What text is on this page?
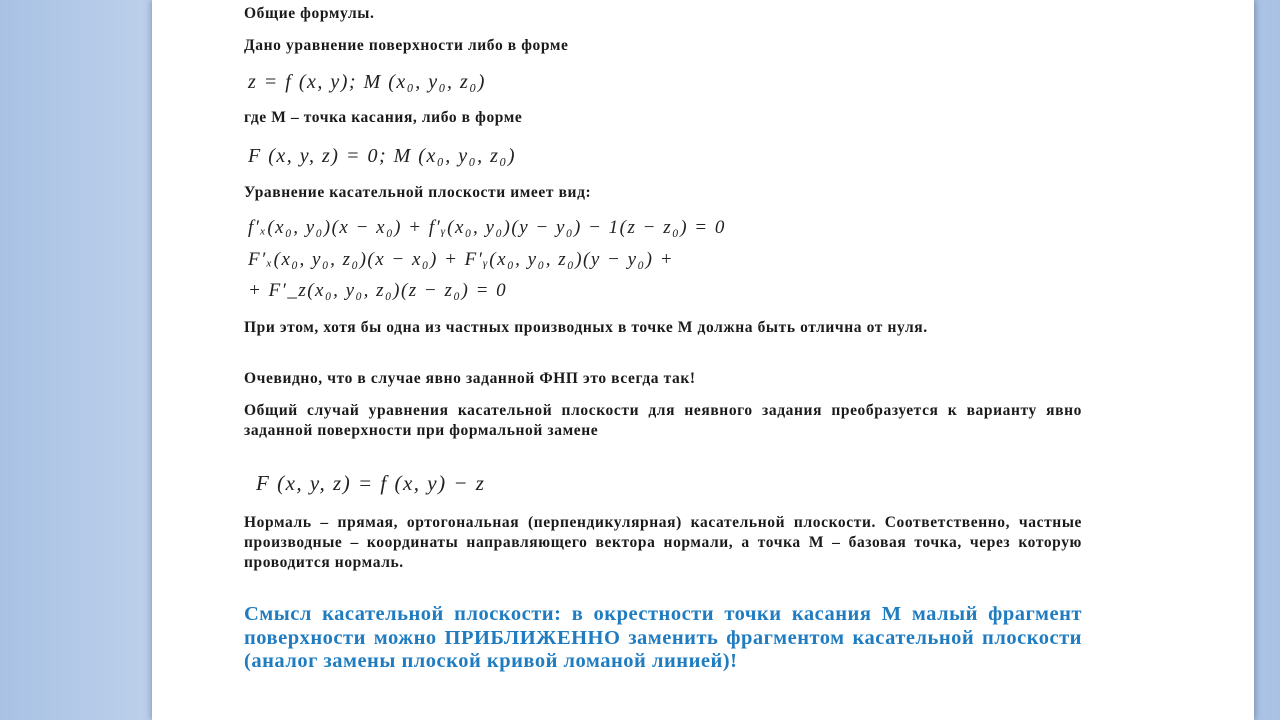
Общие формулы.

Дано уравнение поверхности либо в форме

z = f (x, y); M (x₀, y₀, z₀)

где М – точка касания, либо в форме

F (x, y, z) = 0; M (x₀, y₀, z₀)

Уравнение касательной плоскости имеет вид:

f′ₓ(x₀, y₀)(x − x₀) + f′ᵧ(x₀, y₀)(y − y₀) − 1(z − z₀) = 0
F′ₓ(x₀, y₀, z₀)(x − x₀) + F′ᵧ(x₀, y₀, z₀)(y − y₀) +
+ F′_z(x₀, y₀, z₀)(z − z₀) = 0

При этом, хотя бы одна из частных производных в точке М должна быть отлична от нуля.

Очевидно, что в случае явно заданной ФНП это всегда так!

Общий случай уравнения касательной плоскости для неявного задания преобразуется к варианту явно заданной поверхности при формальной замене

F (x, y, z) = f (x, y) − z

Нормаль – прямая, ортогональная (перпендикулярная) касательной плоскости. Соответственно, частные производные – координаты направляющего вектора нормали, а точка М – базовая точка, через которую проводится нормаль.

Смысл касательной плоскости: в окрестности точки касания М малый фрагмент поверхности можно ПРИБЛИЖЕННО заменить фрагментом касательной плоскости (аналог замены плоской кривой ломаной линией)!
